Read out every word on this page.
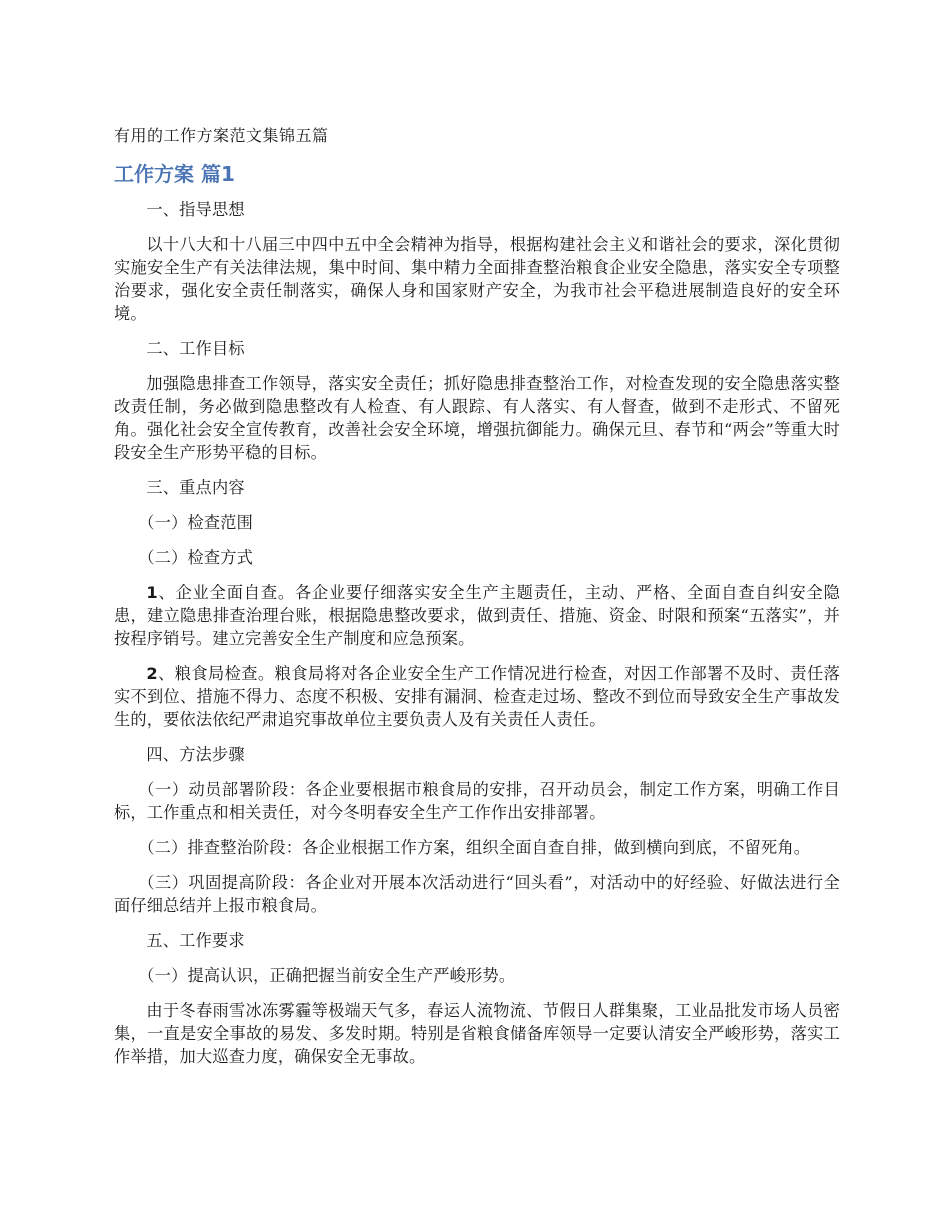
有用的工作方案范文集锦五篇
工作方案 篇1

一、指导思想

以十八大和十八届三中四中五中全会精神为指导，根据构建社会主义和谐社会的要求，深化贯彻实施安全生产有关法律法规，集中时间、集中精力全面排查整治粮食企业安全隐患，落实安全专项整治要求，强化安全责任制落实，确保人身和国家财产安全，为我市社会平稳进展制造良好的安全环境。

二、工作目标

加强隐患排查工作领导，落实安全责任；抓好隐患排查整治工作，对检查发现的安全隐患落实整改责任制，务必做到隐患整改有人检查、有人跟踪、有人落实、有人督查，做到不走形式、不留死角。强化社会安全宣传教育，改善社会安全环境，增强抗御能力。确保元旦、春节和“两会”等重大时段安全生产形势平稳的目标。

三、重点内容

（一）检查范围

（二）检查方式

1、企业全面自查。各企业要仔细落实安全生产主题责任，主动、严格、全面自查自纠安全隐患，建立隐患排查治理台账，根据隐患整改要求，做到责任、措施、资金、时限和预案“五落实”，并按程序销号。建立完善安全生产制度和应急预案。

2、粮食局检查。粮食局将对各企业安全生产工作情况进行检查，对因工作部署不及时、责任落实不到位、措施不得力、态度不积极、安排有漏洞、检查走过场、整改不到位而导致安全生产事故发生的，要依法依纪严肃追究事故单位主要负责人及有关责任人责任。

四、方法步骤

（一）动员部署阶段：各企业要根据市粮食局的安排，召开动员会，制定工作方案，明确工作目标，工作重点和相关责任，对今冬明春安全生产工作作出安排部署。

（二）排查整治阶段：各企业根据工作方案，组织全面自查自排，做到横向到底，不留死角。

（三）巩固提高阶段：各企业对开展本次活动进行“回头看”，对活动中的好经验、好做法进行全面仔细总结并上报市粮食局。

五、工作要求

（一）提高认识，正确把握当前安全生产严峻形势。

由于冬春雨雪冰冻雾霾等极端天气多，春运人流物流、节假日人群集聚，工业品批发市场人员密集，一直是安全事故的易发、多发时期。特别是省粮食储备库领导一定要认清安全严峻形势，落实工作举措，加大巡查力度，确保安全无事故。
